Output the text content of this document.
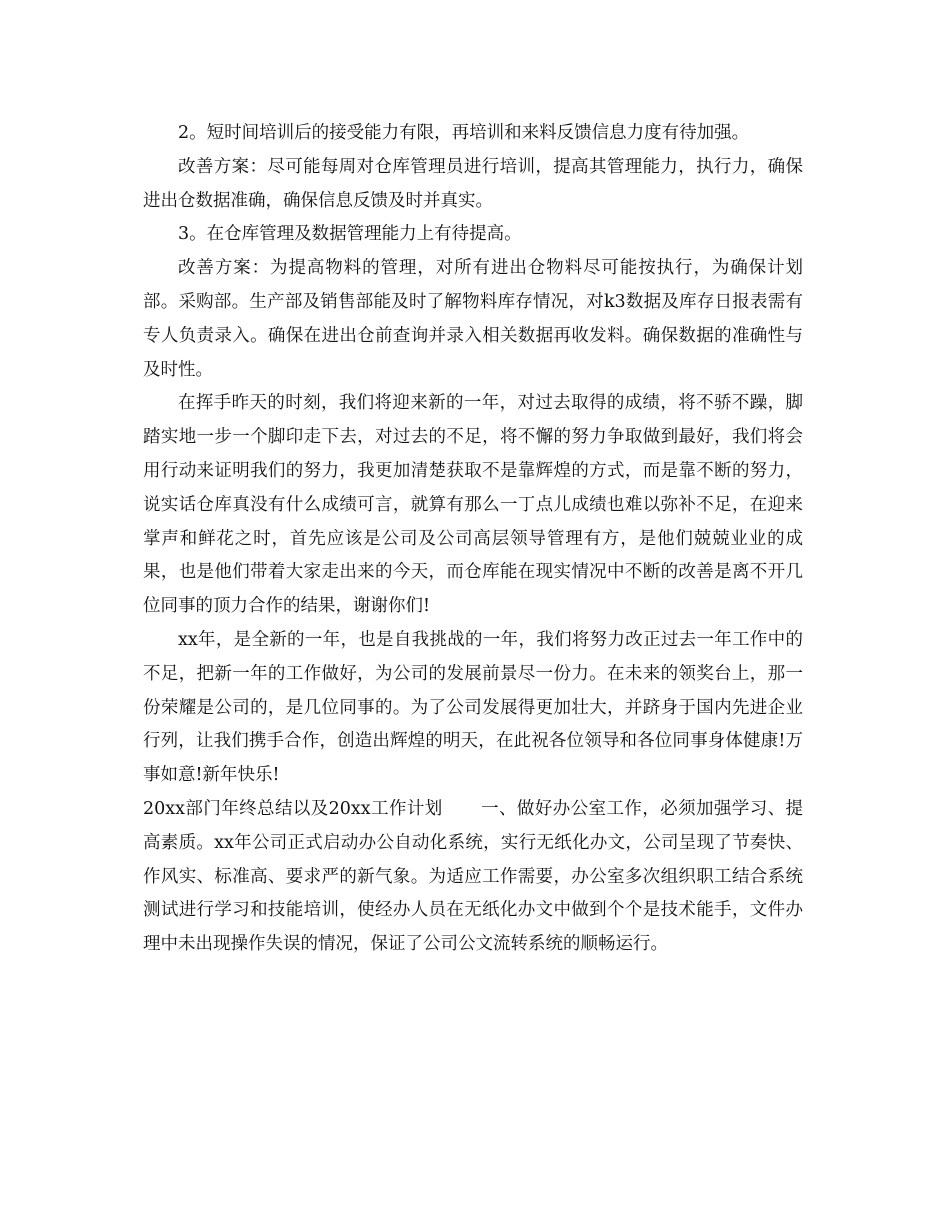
2。短时间培训后的接受能力有限，再培训和来料反馈信息力度有待加强。

改善方案：尽可能每周对仓库管理员进行培训，提高其管理能力，执行力，确保进出仓数据准确，确保信息反馈及时并真实。

3。在仓库管理及数据管理能力上有待提高。

改善方案：为提高物料的管理，对所有进出仓物料尽可能按执行，为确保计划部。采购部。生产部及销售部能及时了解物料库存情况，对k3数据及库存日报表需有专人负责录入。确保在进出仓前查询并录入相关数据再收发料。确保数据的准确性与及时性。

在挥手昨天的时刻，我们将迎来新的一年，对过去取得的成绩，将不骄不躁，脚踏实地一步一个脚印走下去，对过去的不足，将不懈的努力争取做到最好，我们将会用行动来证明我们的努力，我更加清楚获取不是靠辉煌的方式，而是靠不断的努力，说实话仓库真没有什么成绩可言，就算有那么一丁点儿成绩也难以弥补不足，在迎来掌声和鲜花之时，首先应该是公司及公司高层领导管理有方，是他们兢兢业业的成果，也是他们带着大家走出来的今天，而仓库能在现实情况中不断的改善是离不开几位同事的顶力合作的结果，谢谢你们!

xx年，是全新的一年，也是自我挑战的一年，我们将努力改正过去一年工作中的不足，把新一年的工作做好，为公司的发展前景尽一份力。在未来的领奖台上，那一份荣耀是公司的，是几位同事的。为了公司发展得更加壮大，并跻身于国内先进企业行列，让我们携手合作，创造出辉煌的明天，在此祝各位领导和各位同事身体健康!万事如意!新年快乐!

20xx部门年终总结以及20xx工作计划 一、做好办公室工作，必须加强学习、提高素质。xx年公司正式启动办公自动化系统，实行无纸化办文，公司呈现了节奏快、作风实、标准高、要求严的新气象。为适应工作需要，办公室多次组织职工结合系统测试进行学习和技能培训，使经办人员在无纸化办文中做到个个是技术能手，文件办理中未出现操作失误的情况，保证了公司公文流转系统的顺畅运行。
